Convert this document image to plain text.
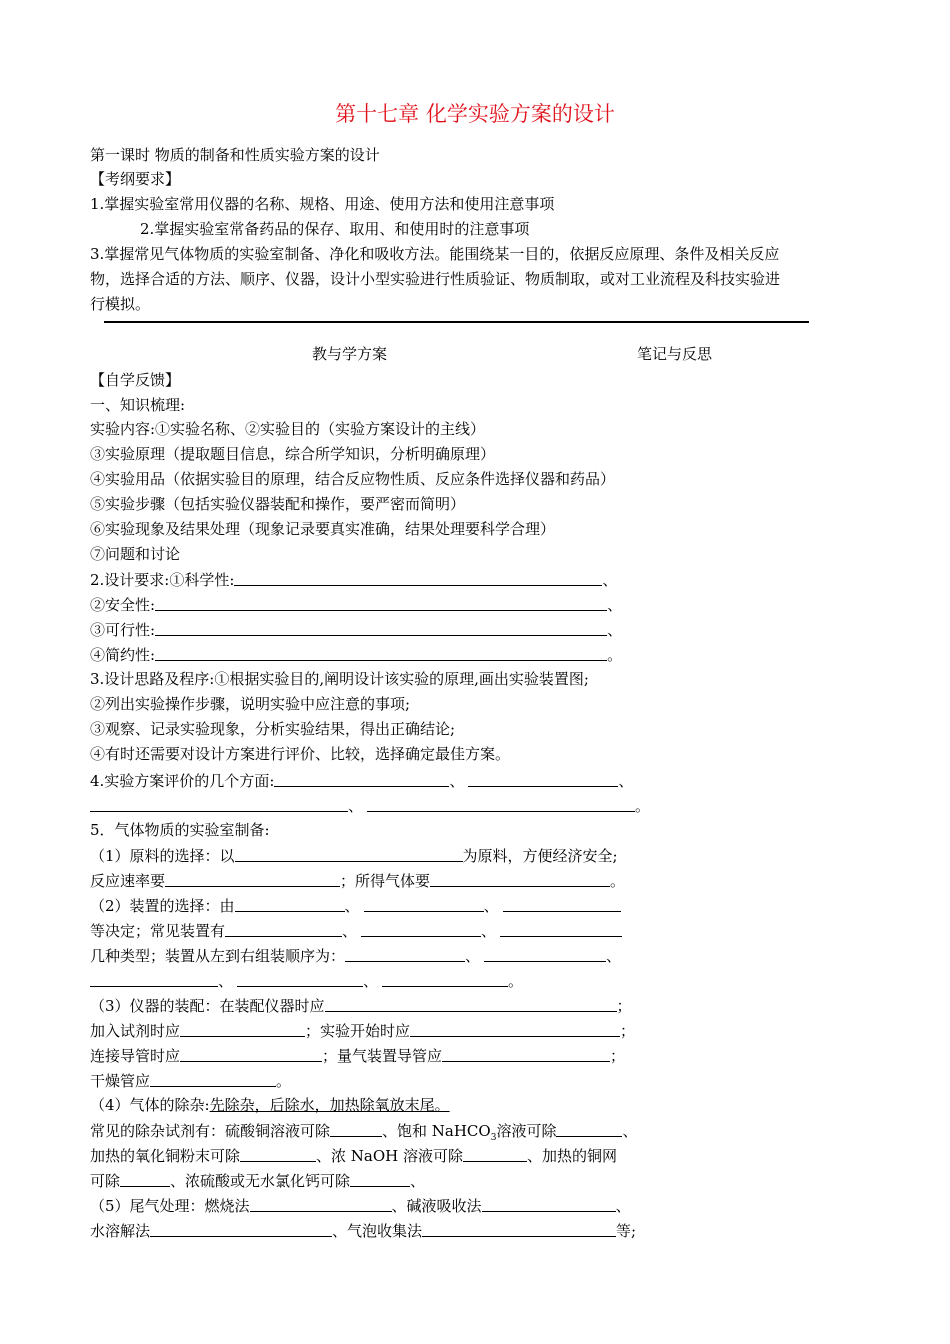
第十七章 化学实验方案的设计
第一课时 物质的制备和性质实验方案的设计
【考纲要求】
1.掌握实验室常用仪器的名称、规格、用途、使用方法和使用注意事项
2.掌握实验室常备药品的保存、取用、和使用时的注意事项
3.掌握常见气体物质的实验室制备、净化和吸收方法。能围绕某一目的，依据反应原理、条件及相关反应
物，选择合适的方法、顺序、仪器，设计小型实验进行性质验证、物质制取，或对工业流程及科技实验进
行模拟。
教与学方案	笔记与反思
【自学反馈】
一、知识梳理:
实验内容:①实验名称、②实验目的（实验方案设计的主线）
③实验原理（提取题目信息，综合所学知识，分析明确原理）
④实验用品（依据实验目的原理，结合反应物性质、反应条件选择仪器和药品）
⑤实验步骤（包括实验仪器装配和操作，要严密而简明）
⑥实验现象及结果处理（现象记录要真实准确，结果处理要科学合理）
⑦问题和讨论
2.设计要求:①科学性:	、
②安全性:	、
③可行性:	、
④简约性:	。
3.设计思路及程序:①根据实验目的,阐明设计该实验的原理,画出实验装置图;
②列出实验操作步骤，说明实验中应注意的事项;
③观察、记录实验现象，分析实验结果，得出正确结论;
④有时还需要对设计方案进行评价、比较，选择确定最佳方案。
4.实验方案评价的几个方面:	、	、
、	。
5．气体物质的实验室制备:
（1）原料的选择：以	为原料，方便经济安全;
反应速率要	；所得气体要	。
（2）装置的选择：由	、	、
等决定；常见装置有	、	、
几种类型；装置从左到右组装顺序为：	、	、
、	、	。
（3）仪器的装配：在装配仪器时应	；
加入试剂时应	；实验开始时应	；
连接导管时应	；量气装置导管应	；
干燥管应	。
（4）气体的除杂:先除杂，后除水，加热除氧放末尾。
常见的除杂试剂有：硫酸铜溶液可除	、饱和 NaHCO$_3$溶液可除	、
加热的氧化铜粉末可除	、浓 NaOH 溶液可除	、加热的铜网
可除	、浓硫酸或无水氯化钙可除	、
（5）尾气处理：燃烧法	、碱液吸收法	、
水溶解法	、气泡收集法	等;
